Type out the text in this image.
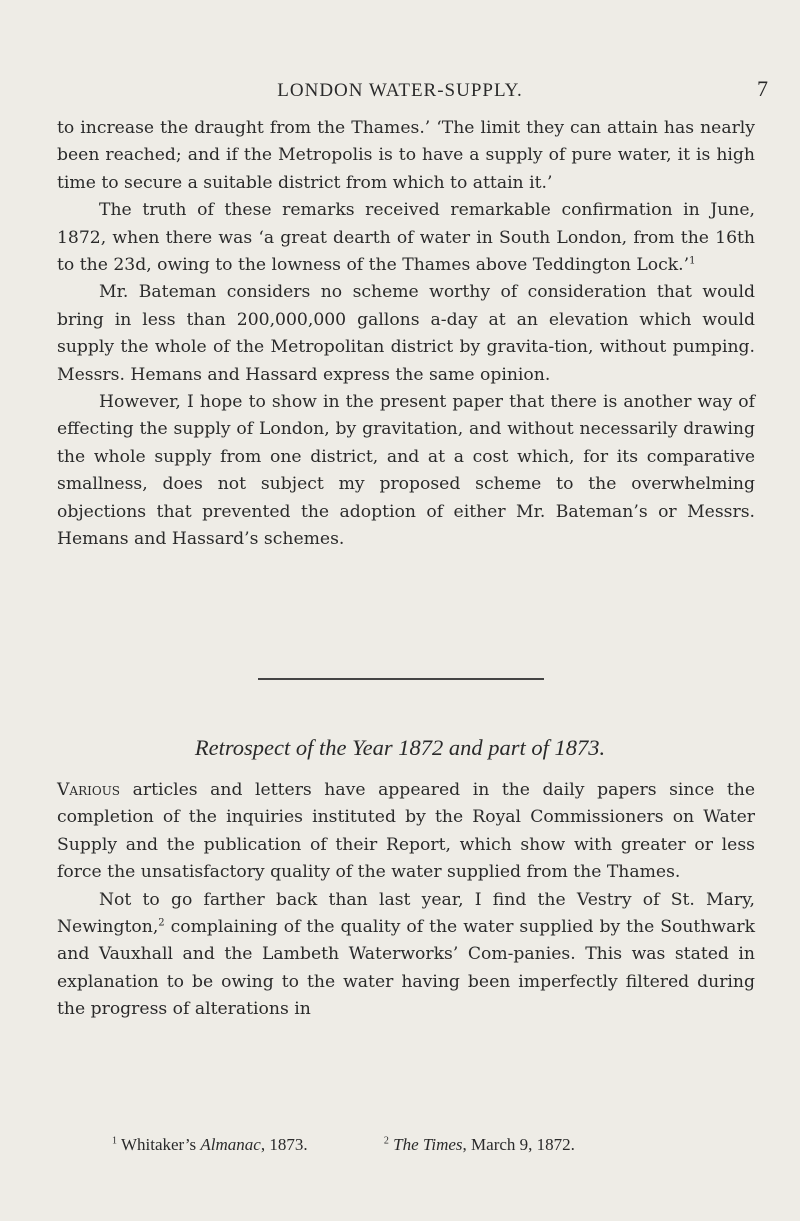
LONDON WATER-SUPPLY.	7

to increase the draught from the Thames.’ ‘The limit they can attain has nearly been reached; and if the Metropolis is to have a supply of pure water, it is high time to secure a suitable district from which to attain it.’

The truth of these remarks received remarkable confirmation in June, 1872, when there was ‘a great dearth of water in South London, from the 16th to the 23d, owing to the lowness of the Thames above Teddington Lock.’$^1$

Mr. Bateman considers no scheme worthy of consideration that would bring in less than 200,000,000 gallons a-day at an elevation which would supply the whole of the Metropolitan district by gravita-tion, without pumping. Messrs. Hemans and Hassard express the same opinion.

However, I hope to show in the present paper that there is another way of effecting the supply of London, by gravitation, and without necessarily drawing the whole supply from one district, and at a cost which, for its comparative smallness, does not subject my proposed scheme to the overwhelming objections that prevented the adoption of either Mr. Bateman’s or Messrs. Hemans and Hassard’s schemes.

Retrospect of the Year 1872 and part of 1873.

Various articles and letters have appeared in the daily papers since the completion of the inquiries instituted by the Royal Commissioners on Water Supply and the publication of their Report, which show with greater or less force the unsatisfactory quality of the water supplied from the Thames.

Not to go farther back than last year, I find the Vestry of St. Mary, Newington,$^2$ complaining of the quality of the water supplied by the Southwark and Vauxhall and the Lambeth Waterworks’ Com-panies. This was stated in explanation to be owing to the water having been imperfectly filtered during the progress of alterations in

$^1$ Whitaker’s Almanac, 1873.	$^2$ The Times, March 9, 1872.
